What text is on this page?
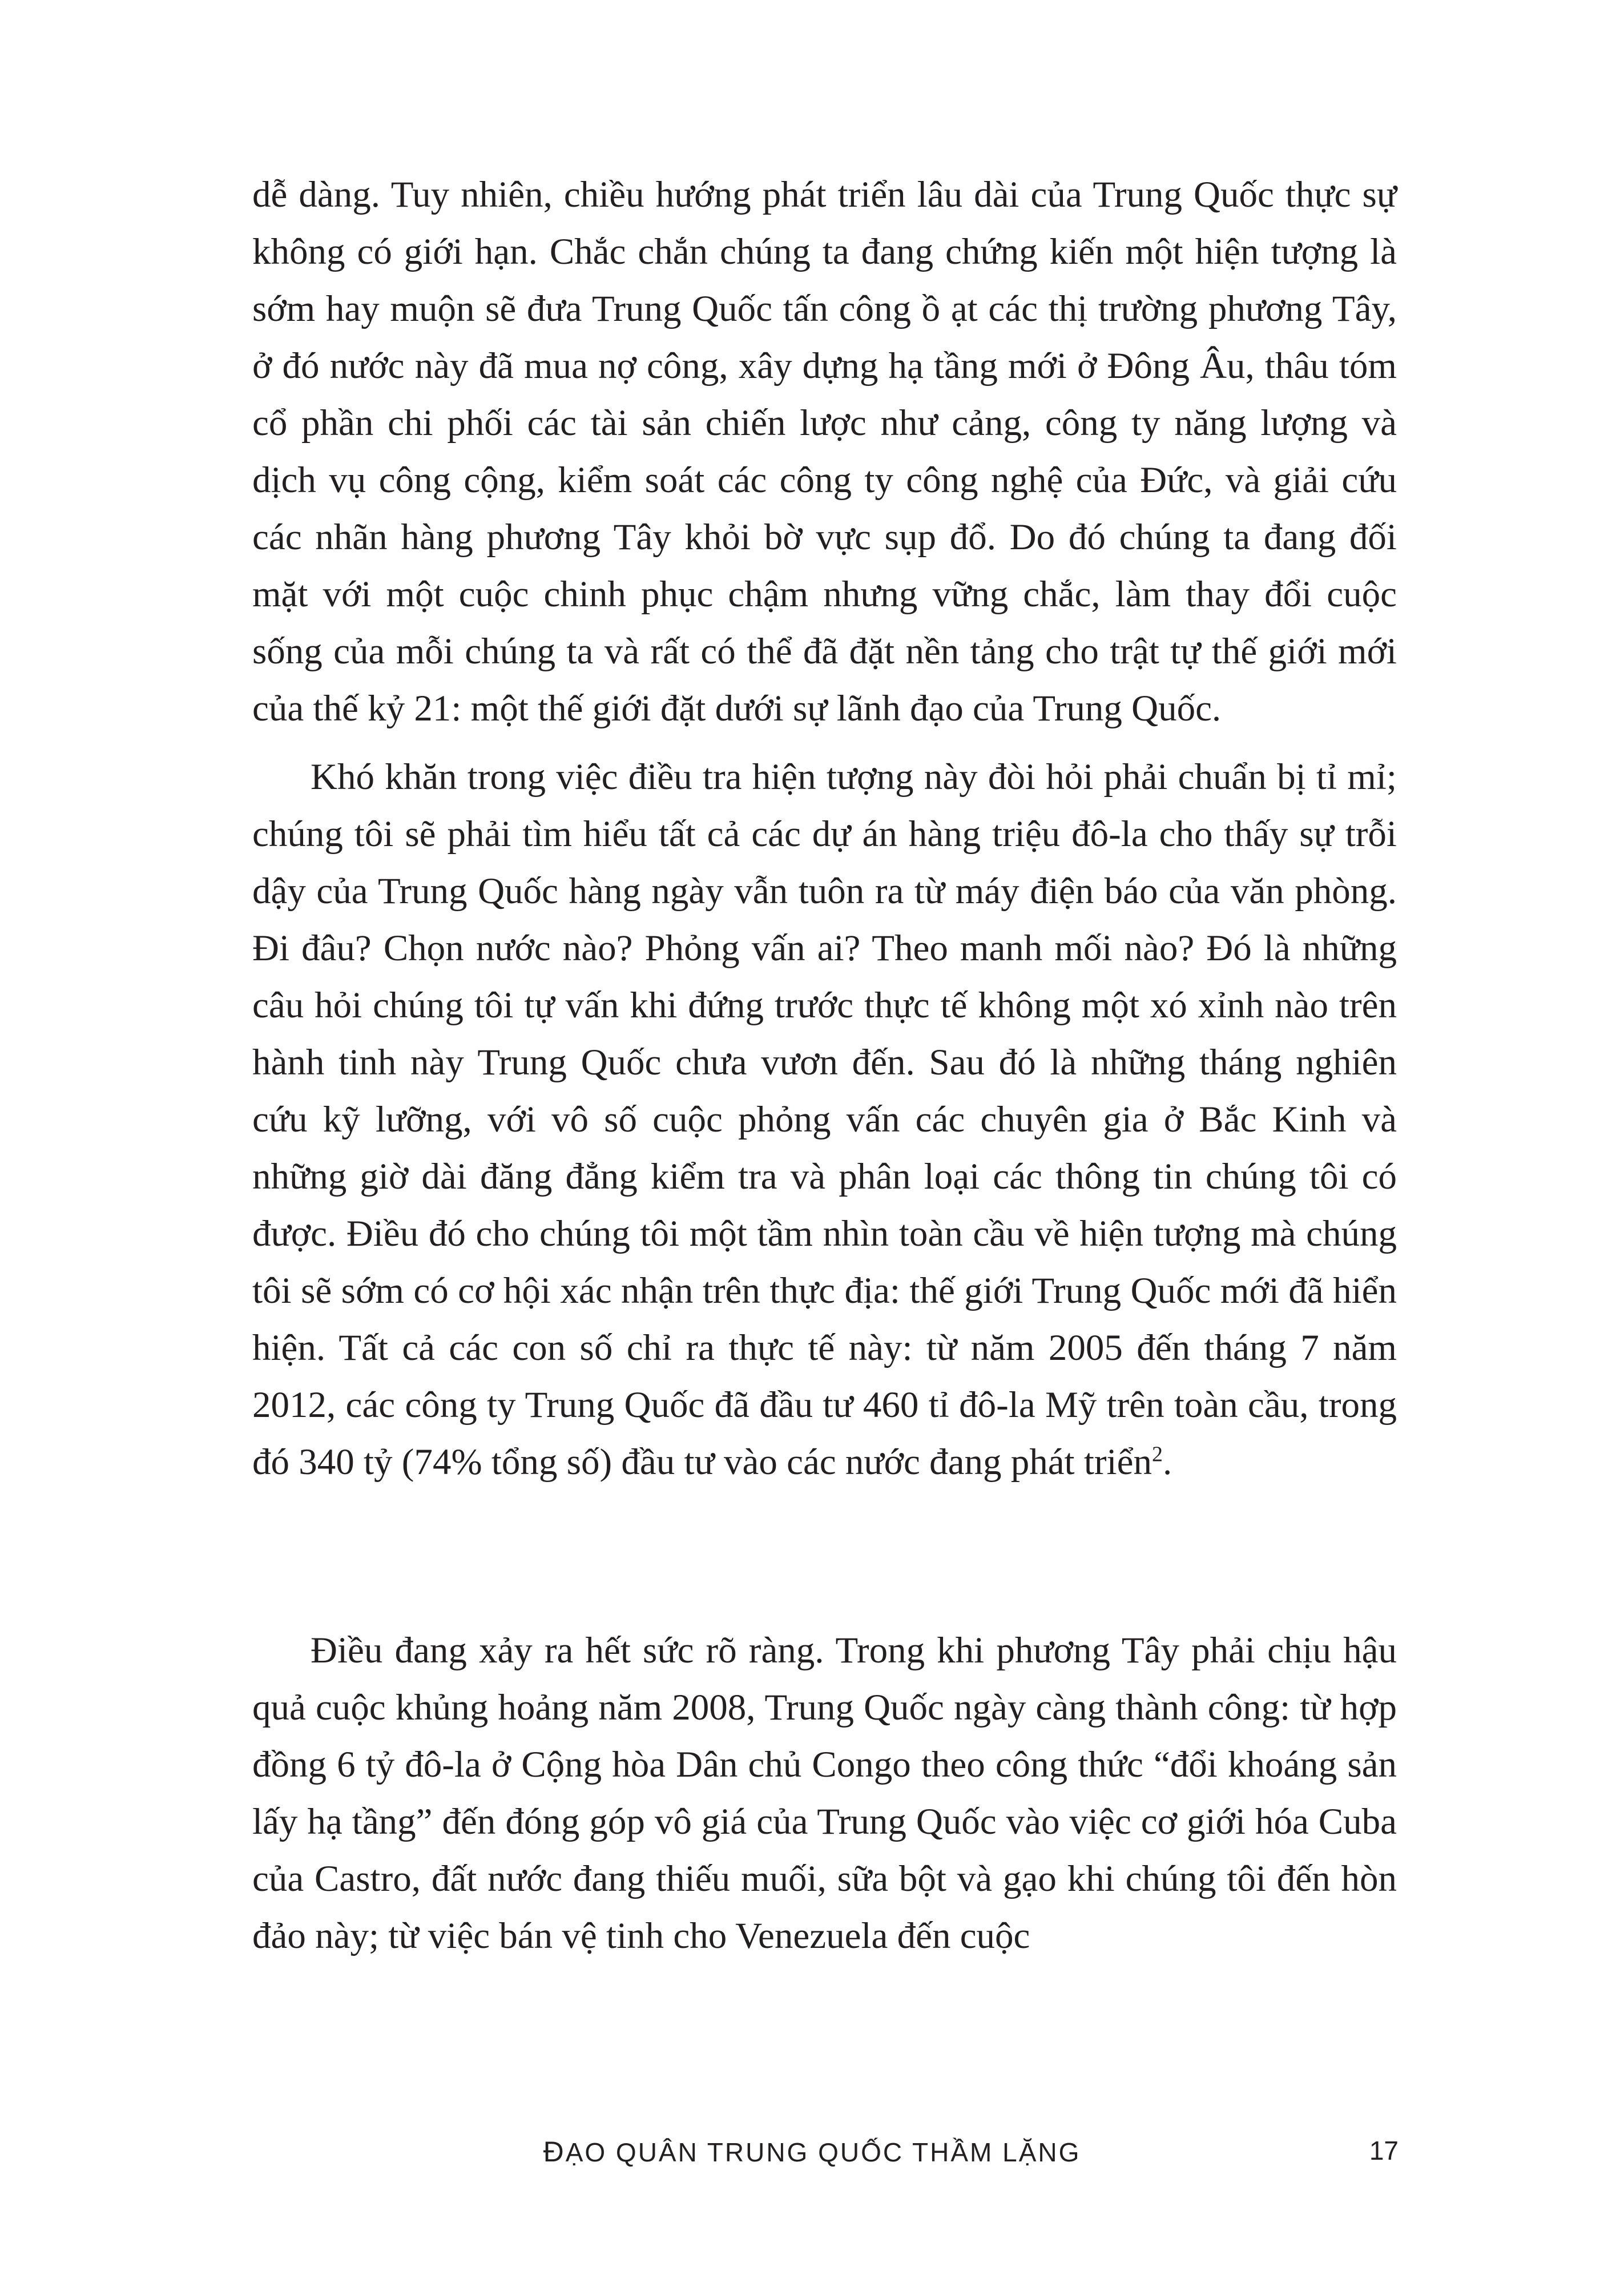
dễ dàng. Tuy nhiên, chiều hướng phát triển lâu dài của Trung Quốc thực sự không có giới hạn. Chắc chắn chúng ta đang chứng kiến một hiện tượng là sớm hay muộn sẽ đưa Trung Quốc tấn công ồ ạt các thị trường phương Tây, ở đó nước này đã mua nợ công, xây dựng hạ tầng mới ở Đông Âu, thâu tóm cổ phần chi phối các tài sản chiến lược như cảng, công ty năng lượng và dịch vụ công cộng, kiểm soát các công ty công nghệ của Đức, và giải cứu các nhãn hàng phương Tây khỏi bờ vực sụp đổ. Do đó chúng ta đang đối mặt với một cuộc chinh phục chậm nhưng vững chắc, làm thay đổi cuộc sống của mỗi chúng ta và rất có thể đã đặt nền tảng cho trật tự thế giới mới của thế kỷ 21: một thế giới đặt dưới sự lãnh đạo của Trung Quốc.

Khó khăn trong việc điều tra hiện tượng này đòi hỏi phải chuẩn bị tỉ mỉ; chúng tôi sẽ phải tìm hiểu tất cả các dự án hàng triệu đô-la cho thấy sự trỗi dậy của Trung Quốc hàng ngày vẫn tuôn ra từ máy điện báo của văn phòng. Đi đâu? Chọn nước nào? Phỏng vấn ai? Theo manh mối nào? Đó là những câu hỏi chúng tôi tự vấn khi đứng trước thực tế không một xó xỉnh nào trên hành tinh này Trung Quốc chưa vươn đến. Sau đó là những tháng nghiên cứu kỹ lưỡng, với vô số cuộc phỏng vấn các chuyên gia ở Bắc Kinh và những giờ dài đăng đẳng kiểm tra và phân loại các thông tin chúng tôi có được. Điều đó cho chúng tôi một tầm nhìn toàn cầu về hiện tượng mà chúng tôi sẽ sớm có cơ hội xác nhận trên thực địa: thế giới Trung Quốc mới đã hiển hiện. Tất cả các con số chỉ ra thực tế này: từ năm 2005 đến tháng 7 năm 2012, các công ty Trung Quốc đã đầu tư 460 tỉ đô-la Mỹ trên toàn cầu, trong đó 340 tỷ (74% tổng số) đầu tư vào các nước đang phát triển$^2$.

Điều đang xảy ra hết sức rõ ràng. Trong khi phương Tây phải chịu hậu quả cuộc khủng hoảng năm 2008, Trung Quốc ngày càng thành công: từ hợp đồng 6 tỷ đô-la ở Cộng hòa Dân chủ Congo theo công thức “đổi khoáng sản lấy hạ tầng” đến đóng góp vô giá của Trung Quốc vào việc cơ giới hóa Cuba của Castro, đất nước đang thiếu muối, sữa bột và gạo khi chúng tôi đến hòn đảo này; từ việc bán vệ tinh cho Venezuela đến cuộc

ĐẠO QUÂN TRUNG QUỐC THẦM LẶNG	17
